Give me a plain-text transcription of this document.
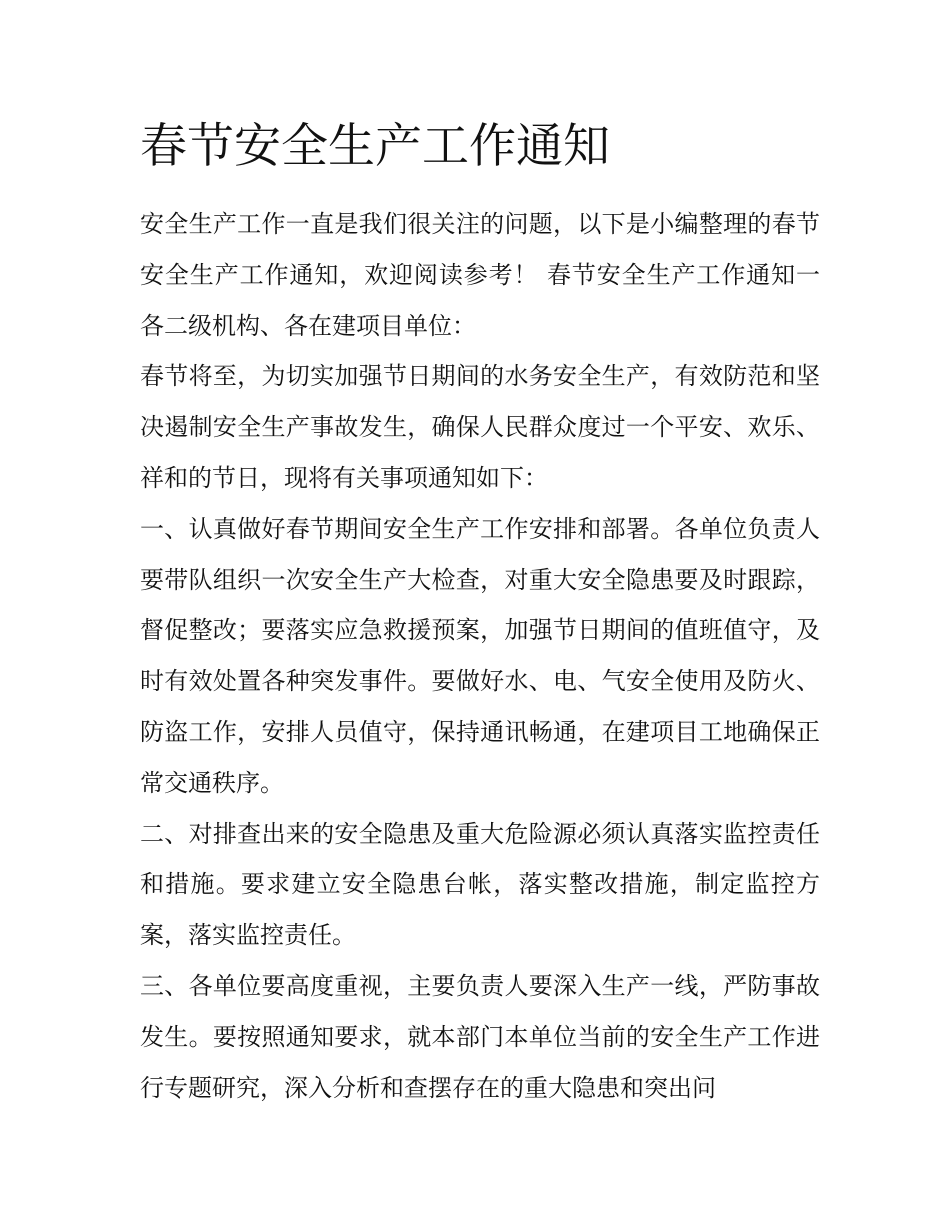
春节安全生产工作通知

安全生产工作一直是我们很关注的问题，以下是小编整理的春节安全生产工作通知，欢迎阅读参考！ 春节安全生产工作通知一 各二级机构、各在建项目单位：

春节将至，为切实加强节日期间的水务安全生产，有效防范和坚决遏制安全生产事故发生，确保人民群众度过一个平安、欢乐、祥和的节日，现将有关事项通知如下：

一、认真做好春节期间安全生产工作安排和部署。各单位负责人要带队组织一次安全生产大检查，对重大安全隐患要及时跟踪，督促整改；要落实应急救援预案，加强节日期间的值班值守，及时有效处置各种突发事件。要做好水、电、气安全使用及防火、防盗工作，安排人员值守，保持通讯畅通，在建项目工地确保正常交通秩序。

二、对排查出来的安全隐患及重大危险源必须认真落实监控责任和措施。要求建立安全隐患台帐，落实整改措施，制定监控方案，落实监控责任。

三、各单位要高度重视，主要负责人要深入生产一线，严防事故发生。要按照通知要求，就本部门本单位当前的安全生产工作进行专题研究，深入分析和查摆存在的重大隐患和突出问
